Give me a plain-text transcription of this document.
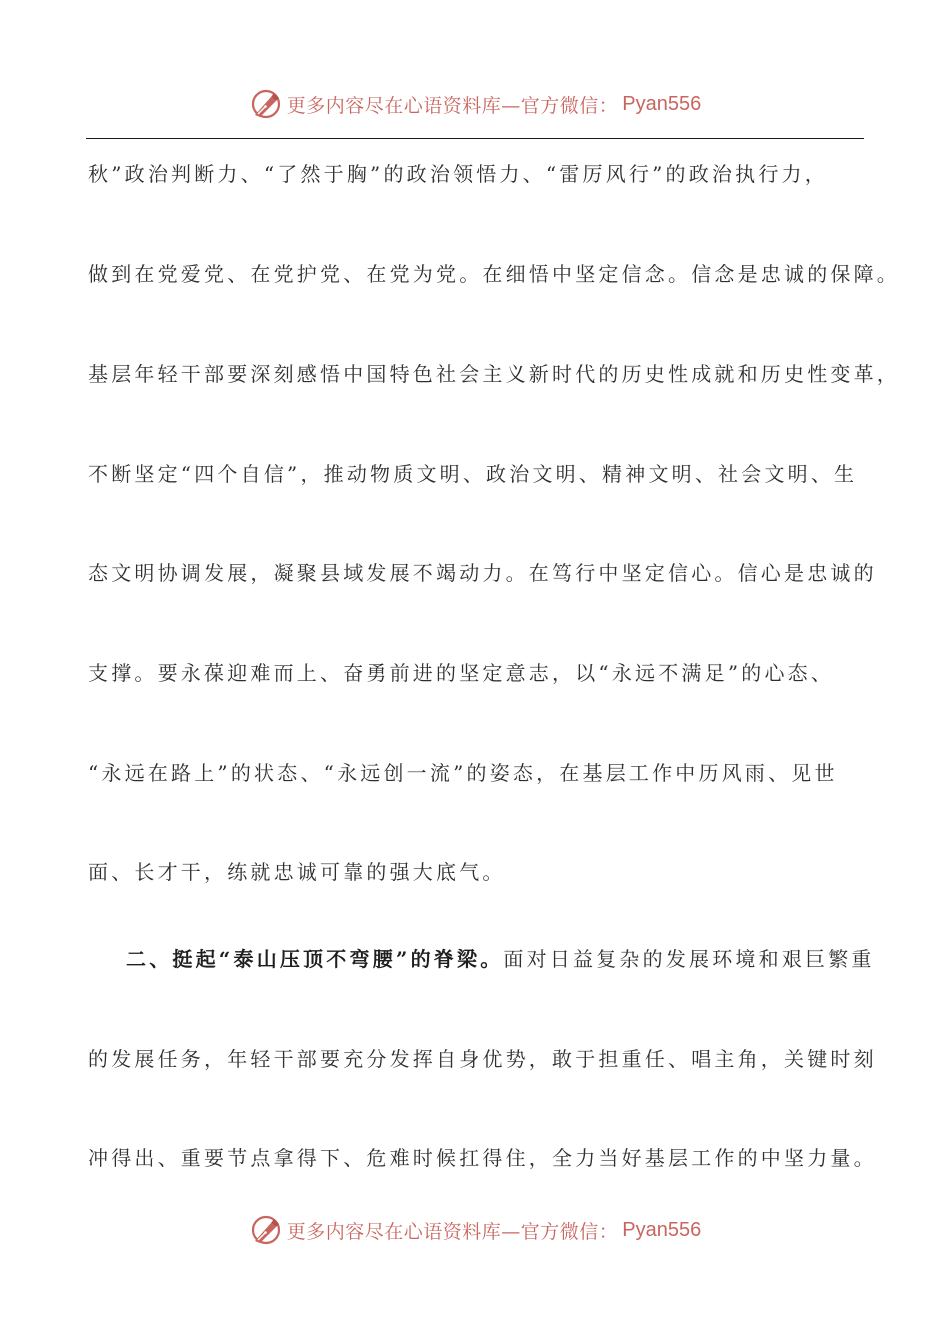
更多内容尽在心语资料库—官方微信： Pyan556
秋”政治判断力、“了然于胸”的政治领悟力、“雷厉风行”的政治执行力，
做到在党爱党、在党护党、在党为党。在细悟中坚定信念。信念是忠诚的保障。
基层年轻干部要深刻感悟中国特色社会主义新时代的历史性成就和历史性变革，
不断坚定“四个自信”，推动物质文明、政治文明、精神文明、社会文明、生
态文明协调发展，凝聚县域发展不竭动力。在笃行中坚定信心。信心是忠诚的
支撑。要永葆迎难而上、奋勇前进的坚定意志，以“永远不满足”的心态、
“永远在路上”的状态、“永远创一流”的姿态，在基层工作中历风雨、见世
面、长才干，练就忠诚可靠的强大底气。
二、挺起“泰山压顶不弯腰”的脊梁。面对日益复杂的发展环境和艰巨繁重
的发展任务，年轻干部要充分发挥自身优势，敢于担重任、唱主角，关键时刻
冲得出、重要节点拿得下、危难时候扛得住，全力当好基层工作的中坚力量。
更多内容尽在心语资料库—官方微信： Pyan556
